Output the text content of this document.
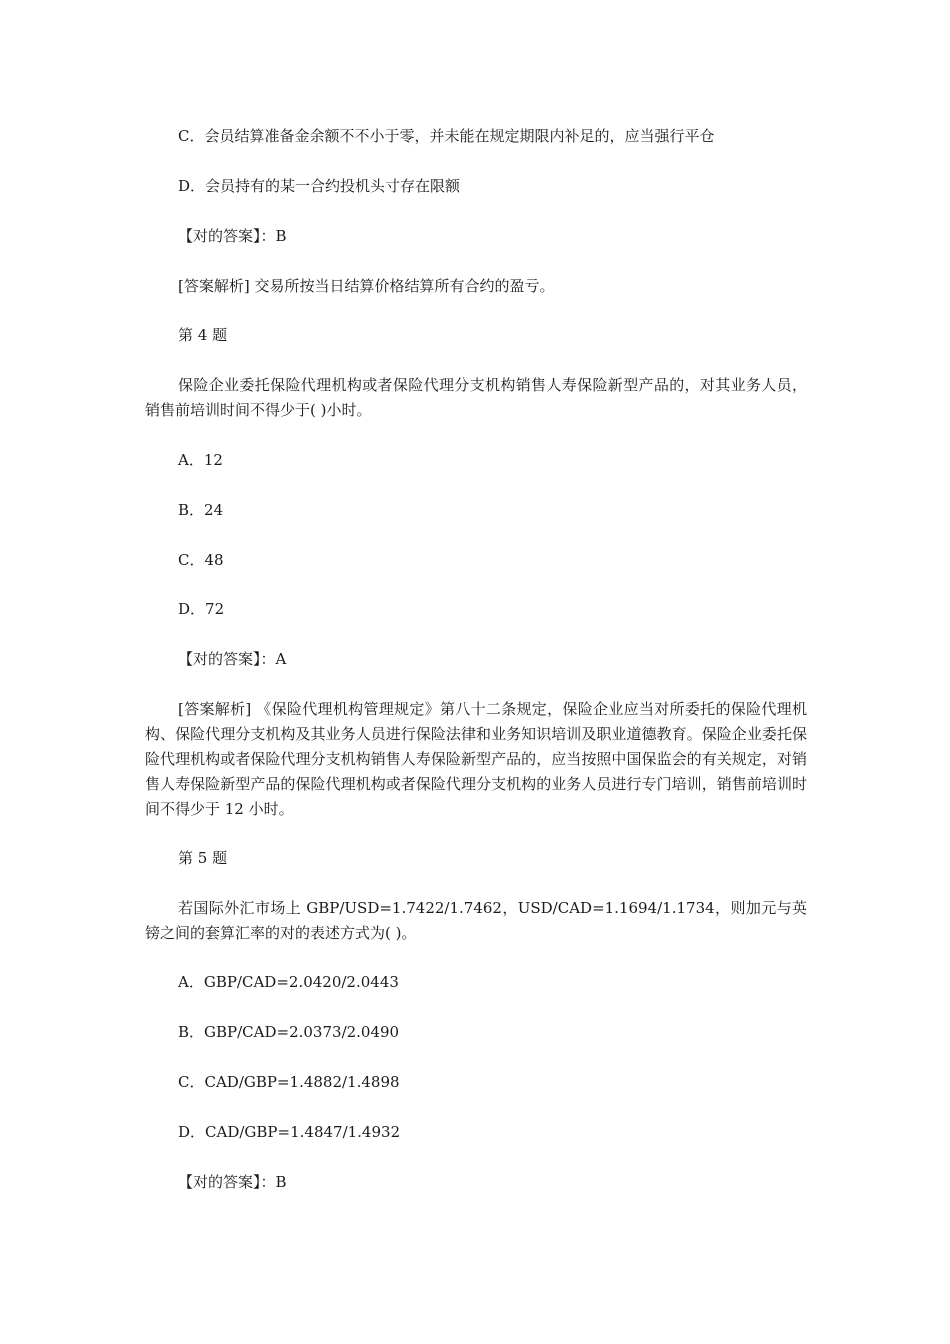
C．会员结算准备金余额不不小于零，并未能在规定期限内补足的，应当强行平仓

D．会员持有的某一合约投机头寸存在限额

【对的答案】：B

[答案解析] 交易所按当日结算价格结算所有合约的盈亏。

第 4 题

保险企业委托保险代理机构或者保险代理分支机构销售人寿保险新型产品的，对其业务人员，销售前培训时间不得少于( )小时。

A．12

B．24

C．48

D．72

【对的答案】：A

[答案解析] 《保险代理机构管理规定》第八十二条规定，保险企业应当对所委托的保险代理机构、保险代理分支机构及其业务人员进行保险法律和业务知识培训及职业道德教育。保险企业委托保险代理机构或者保险代理分支机构销售人寿保险新型产品的，应当按照中国保监会的有关规定，对销售人寿保险新型产品的保险代理机构或者保险代理分支机构的业务人员进行专门培训，销售前培训时间不得少于 12 小时。

第 5 题

若国际外汇市场上 GBP/USD=1.7422/1.7462，USD/CAD=1.1694/1.1734，则加元与英镑之间的套算汇率的对的表述方式为( )。

A．GBP/CAD=2.0420/2.0443

B．GBP/CAD=2.0373/2.0490

C．CAD/GBP=1.4882/1.4898

D．CAD/GBP=1.4847/1.4932

【对的答案】：B
